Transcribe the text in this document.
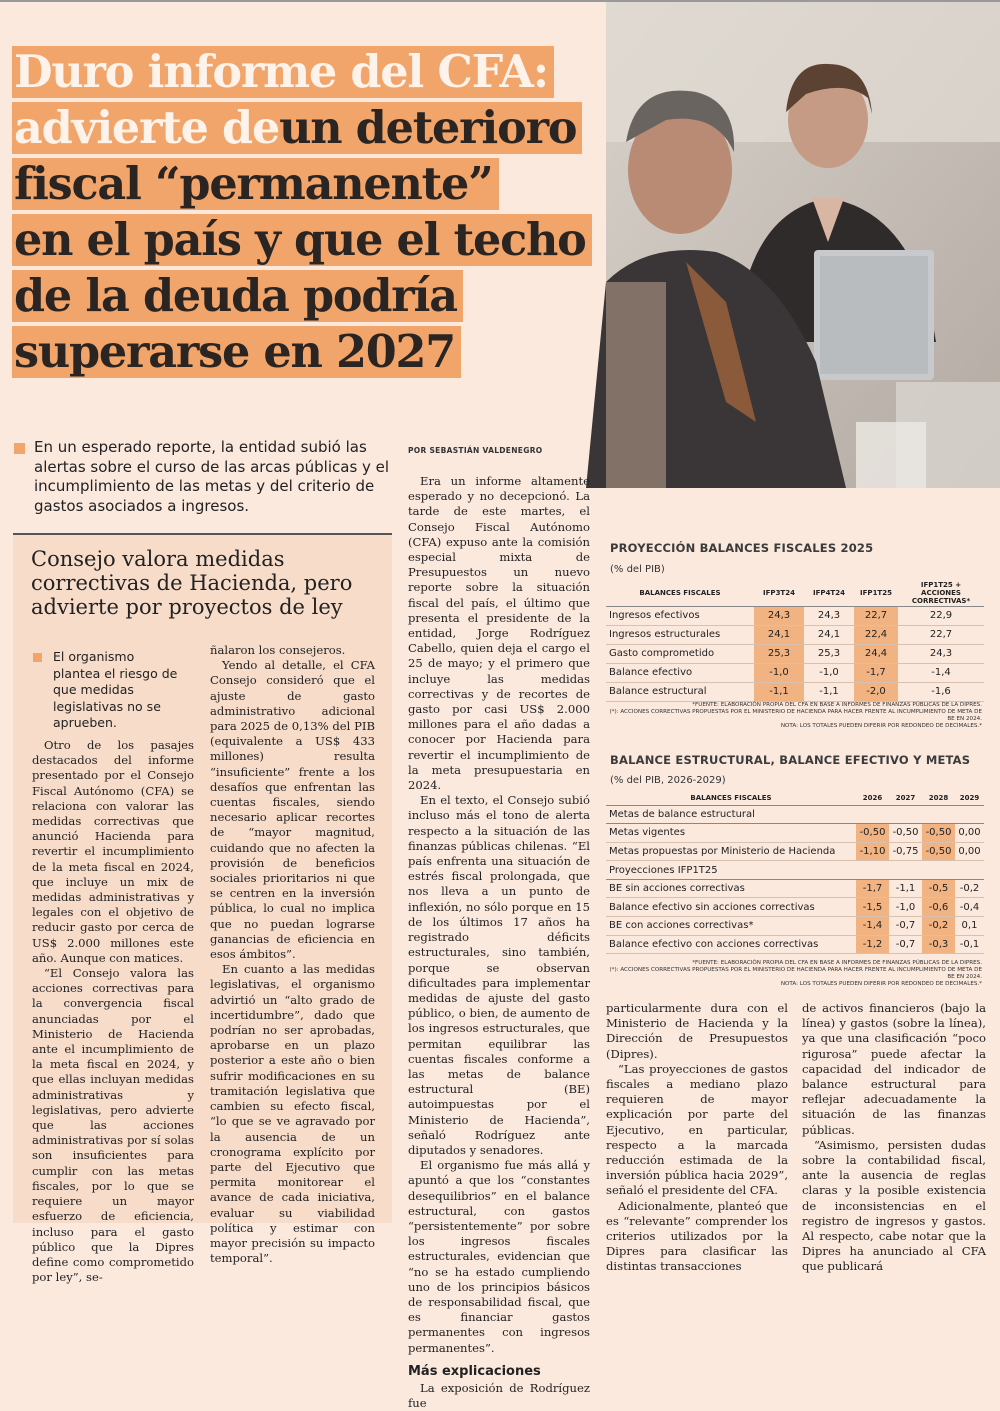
Duro informe del CFA:
advierte deun deterioro
fiscal “permanente”
en el país y que el techo
de la deuda podría
superarse en 2027

En un esperado reporte, la entidad subió las alertas sobre el curso de las arcas públicas y el incumplimiento de las metas y del criterio de gastos asociados a ingresos.

POR SEBASTIÁN VALDENEGRO
Consejo valora medidas correctivas de Hacienda, pero advierte por proyectos de ley

El organismo plantea el riesgo de que medidas legislativas no se aprueben.

Otro de los pasajes destacados del informe presentado por el Consejo Fiscal Autónomo (CFA) se relaciona con valorar las medidas correctivas que anunció Hacienda para revertir el incumplimiento de la meta fiscal en 2024, que incluye un mix de medidas administrativas y legales con el objetivo de reducir gasto por cerca de US$ 2.000 millones este año. Aunque con matices.

“El Consejo valora las acciones correctivas para la convergencia fiscal anunciadas por el Ministerio de Hacienda ante el incumplimiento de la meta fiscal en 2024, y que ellas incluyan medidas administrativas y legislativas, pero advierte que las acciones administrativas por sí solas son insuficientes para cumplir con las metas fiscales, por lo que se requiere un mayor esfuerzo de eficiencia, incluso para el gasto público que la Dipres define como comprometido por ley”, se-

ñalaron los consejeros.

Yendo al detalle, el CFA Consejo consideró que el ajuste de gasto administrativo adicional para 2025 de 0,13% del PIB (equivalente a US$ 433 millones) resulta “insuficiente” frente a los desafíos que enfrentan las cuentas fiscales, siendo necesario aplicar recortes de “mayor magnitud, cuidando que no afecten la provisión de beneficios sociales prioritarios ni que se centren en la inversión pública, lo cual no implica que no puedan lograrse ganancias de eficiencia en esos ámbitos”.

En cuanto a las medidas legislativas, el organismo advirtió un “alto grado de incertidumbre”, dado que podrían no ser aprobadas, aprobarse en un plazo posterior a este año o bien sufrir modificaciones en su tramitación legislativa que cambien su efecto fiscal, “lo que se ve agravado por la ausencia de un cronograma explícito por parte del Ejecutivo que permita monitorear el avance de cada iniciativa, evaluar su viabilidad política y estimar con mayor precisión su impacto temporal”.

Era un informe altamente esperado y no decepcionó. La tarde de este martes, el Consejo Fiscal Autónomo (CFA) expuso ante la comisión especial mixta de Presupuestos un nuevo reporte sobre la situación fiscal del país, el último que presenta el presidente de la entidad, Jorge Rodríguez Cabello, quien deja el cargo el 25 de mayo; y el primero que incluye las medidas correctivas y de recortes de gasto por casi US$ 2.000 millones para el año dadas a conocer por Hacienda para revertir el incumplimiento de la meta presupuestaria en 2024.

En el texto, el Consejo subió incluso más el tono de alerta respecto a la situación de las finanzas públicas chilenas. “El país enfrenta una situación de estrés fiscal prolongada, que nos lleva a un punto de inflexión, no sólo porque en 15 de los últimos 17 años ha registrado déficits estructurales, sino también, porque se observan dificultades para implementar medidas de ajuste del gasto público, o bien, de aumento de los ingresos estructurales, que permitan equilibrar las cuentas fiscales conforme a las metas de balance estructural (BE) autoimpuestas por el Ministerio de Hacienda”, señaló Rodríguez ante diputados y senadores.

El organismo fue más allá y apuntó a que los “constantes desequilibrios” en el balance estructural, con gastos “persistentemente” por sobre los ingresos fiscales estructurales, evidencian que “no se ha estado cumpliendo uno de los principios básicos de responsabilidad fiscal, que es financiar gastos permanentes con ingresos permanentes”.

Más explicaciones

La exposición de Rodríguez fue

particularmente dura con el Ministerio de Hacienda y la Dirección de Presupuestos (Dipres).

“Las proyecciones de gastos fiscales a mediano plazo requieren de mayor explicación por parte del Ejecutivo, en particular, respecto a la marcada reducción estimada de la inversión pública hacia 2029”, señaló el presidente del CFA.

Adicionalmente, planteó que es “relevante” comprender los criterios utilizados por la Dipres para clasificar las distintas transacciones

de activos financieros (bajo la línea) y gastos (sobre la línea), ya que una clasificación “poco rigurosa” puede afectar la capacidad del indicador de balance estructural para reflejar adecuadamente la situación de las finanzas públicas.

“Asimismo, persisten dudas sobre la contabilidad fiscal, ante la ausencia de reglas claras y la posible existencia de inconsistencias en el registro de ingresos y gastos. Al respecto, cabe notar que la Dipres ha anunciado al CFA que publicará

PROYECCIÓN BALANCES FISCALES 2025
(% del PIB)
BALANCES FISCALES	IFP3T24	IFP4T24	IFP1T25	IFP1T25 + ACCIONES CORRECTIVAS*
Ingresos efectivos	24,3	24,3	22,7	22,9
Ingresos estructurales	24,1	24,1	22,4	22,7
Gasto comprometido	25,3	25,3	24,4	24,3
Balance efectivo	-1,0	-1,0	-1,7	-1,4
Balance estructural	-1,1	-1,1	-2,0	-1,6
*FUENTE: ELABORACIÓN PROPIA DEL CFA EN BASE A INFORMES DE FINANZAS PÚBLICAS DE LA DIPRES.
(*): ACCIONES CORRECTIVAS PROPUESTAS POR EL MINISTERIO DE HACIENDA PARA HACER FRENTE AL INCUMPLIMIENTO DE META DE BE EN 2024.
NOTA: LOS TOTALES PUEDEN DIFERIR POR REDONDEO DE DECIMALES.*
BALANCE ESTRUCTURAL, BALANCE EFECTIVO Y METAS
(% del PIB, 2026-2029)
BALANCES FISCALES	2026	2027	2028	2029
Metas de balance estructural				
Metas vigentes	-0,50	-0,50	-0,50	0,00
Metas propuestas por Ministerio de Hacienda	-1,10	-0,75	-0,50	0,00
Proyecciones IFP1T25				
BE sin acciones correctivas	-1,7	-1,1	-0,5	-0,2
Balance efectivo sin acciones correctivas	-1,5	-1,0	-0,6	-0,4
BE con acciones correctivas*	-1,4	-0,7	-0,2	0,1
Balance efectivo con acciones correctivas	-1,2	-0,7	-0,3	-0,1
*FUENTE: ELABORACIÓN PROPIA DEL CFA EN BASE A INFORMES DE FINANZAS PÚBLICAS DE LA DIPRES.
(*): ACCIONES CORRECTIVAS PROPUESTAS POR EL MINISTERIO DE HACIENDA PARA HACER FRENTE AL INCUMPLIMIENTO DE META DE BE EN 2024.
NOTA: LOS TOTALES PUEDEN DIFERIR POR REDONDEO DE DECIMALES.*
